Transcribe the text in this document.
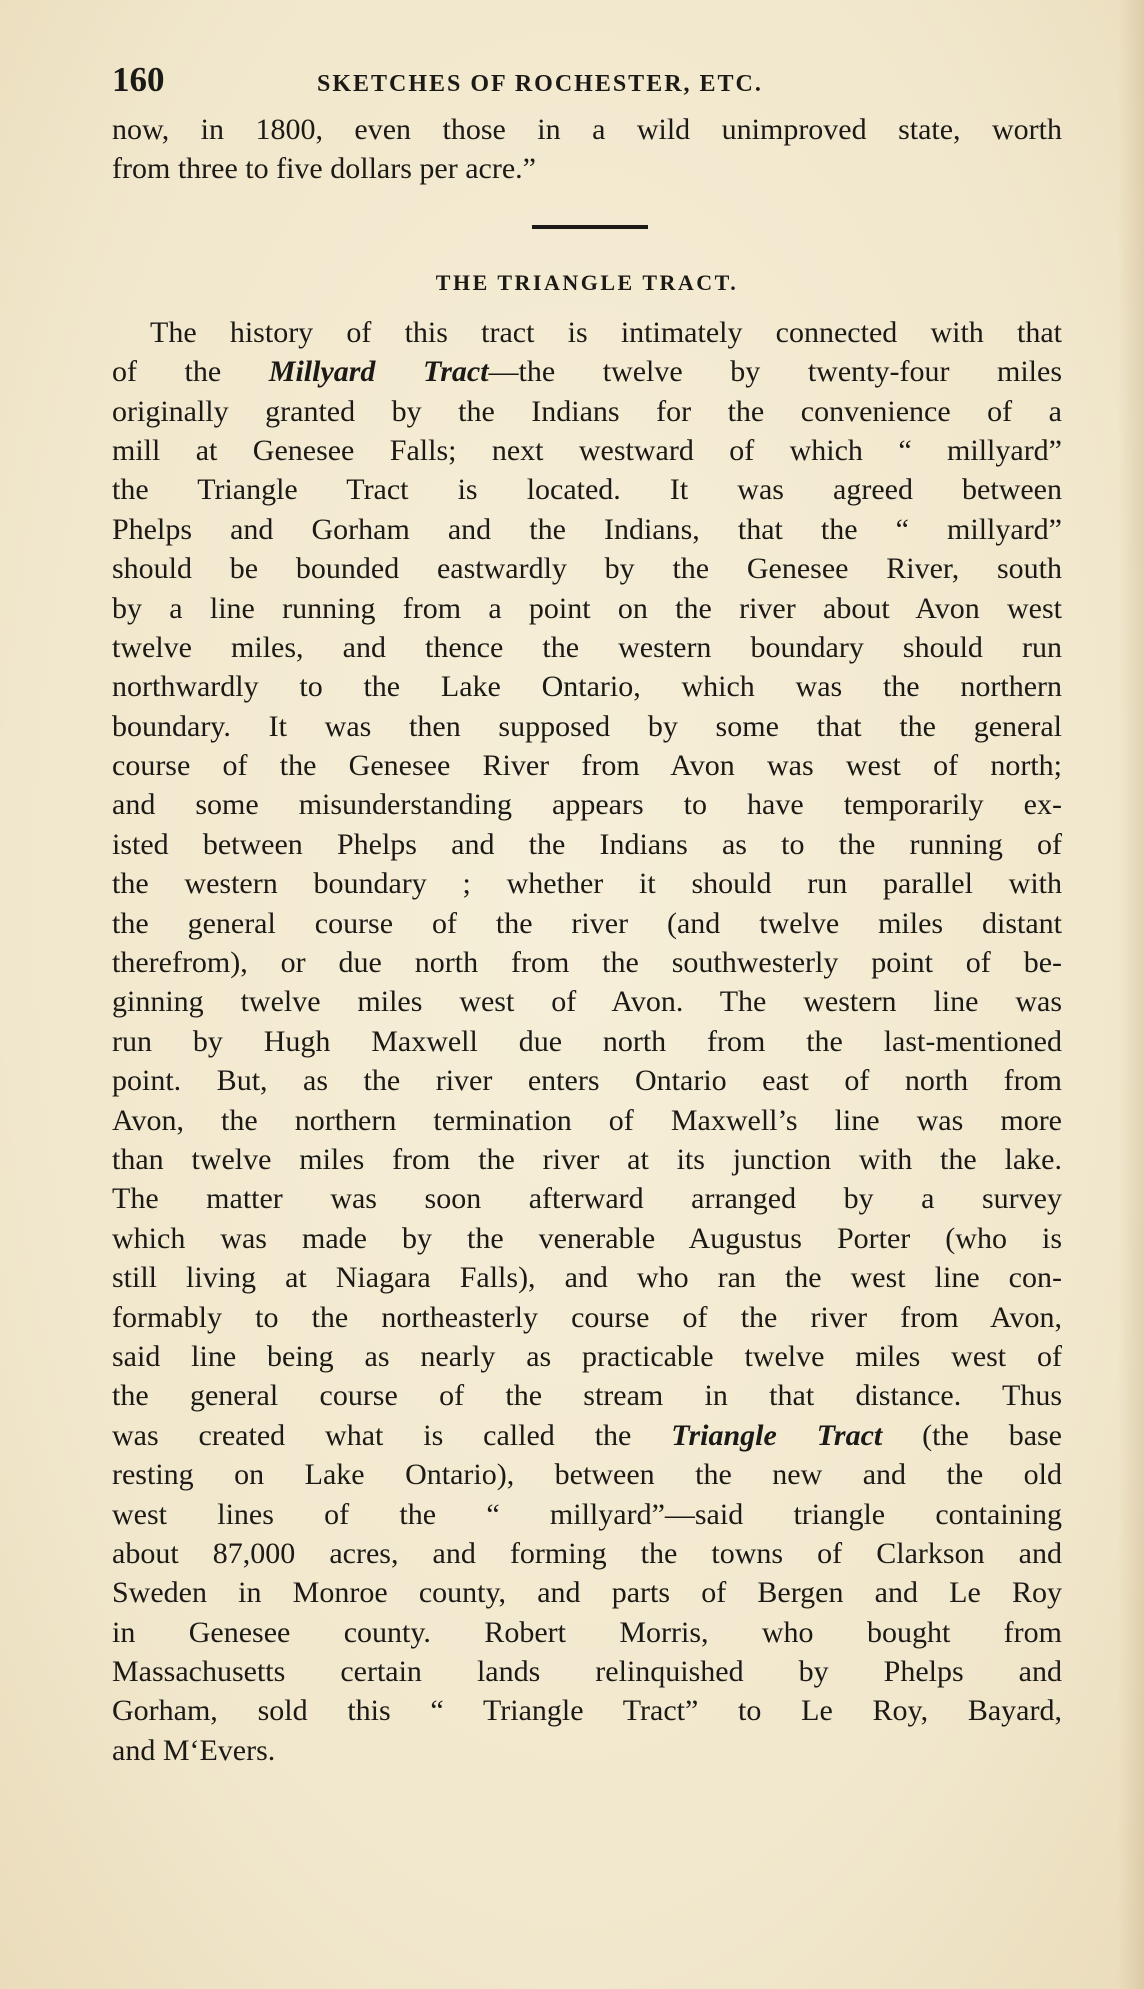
160	SKETCHES OF ROCHESTER, ETC.
now, in 1800, even those in a wild unimproved state, worth
from three to five dollars per acre.”
THE TRIANGLE TRACT.
The history of this tract is intimately connected with that
of the Millyard Tract—the twelve by twenty-four miles
originally granted by the Indians for the convenience of a
mill at Genesee Falls; next westward of which “ millyard”
the Triangle Tract is located. It was agreed between
Phelps and Gorham and the Indians, that the “ millyard”
should be bounded eastwardly by the Genesee River, south
by a line running from a point on the river about Avon west
twelve miles, and thence the western boundary should run
northwardly to the Lake Ontario, which was the northern
boundary. It was then supposed by some that the general
course of the Genesee River from Avon was west of north;
and some misunderstanding appears to have temporarily ex-
isted between Phelps and the Indians as to the running of
the western boundary ; whether it should run parallel with
the general course of the river (and twelve miles distant
therefrom), or due north from the southwesterly point of be-
ginning twelve miles west of Avon. The western line was
run by Hugh Maxwell due north from the last-mentioned
point. But, as the river enters Ontario east of north from
Avon, the northern termination of Maxwell’s line was more
than twelve miles from the river at its junction with the lake.
The matter was soon afterward arranged by a survey
which was made by the venerable Augustus Porter (who is
still living at Niagara Falls), and who ran the west line con-
formably to the northeasterly course of the river from Avon,
said line being as nearly as practicable twelve miles west of
the general course of the stream in that distance. Thus
was created what is called the Triangle Tract (the base
resting on Lake Ontario), between the new and the old
west lines of the “ millyard”—said triangle containing
about 87,000 acres, and forming the towns of Clarkson and
Sweden in Monroe county, and parts of Bergen and Le Roy
in Genesee county. Robert Morris, who bought from
Massachusetts certain lands relinquished by Phelps and
Gorham, sold this “ Triangle Tract” to Le Roy, Bayard,
and M‘Evers.
